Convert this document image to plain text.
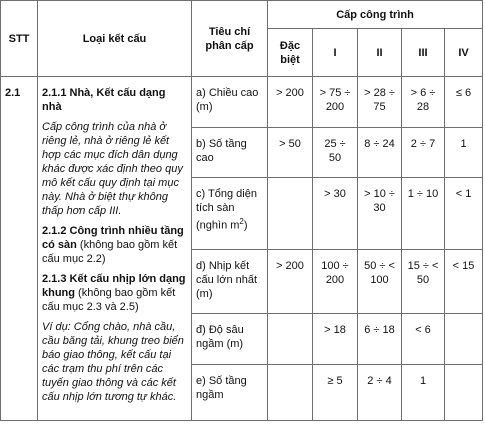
STT	Loại kết cấu	Tiêu chí phân cấp	Cấp công trình				
			Đặc biệt	I	II	III	IV
2.1	2.1.1 Nhà, Kết cấu dạng nhà
Cấp công trình của nhà ở riêng lẻ, nhà ở riêng lẻ kết hợp các mục đích dân dụng khác được xác định theo quy mô kết cấu quy định tại mục này. Nhà ở biệt thự không thấp hơn cấp III.
2.1.2 Công trình nhiều tầng có sàn (không bao gồm kết cấu mục 2.2)
2.1.3 Kết cấu nhịp lớn dạng khung (không bao gồm kết cấu mục 2.3 và 2.5)
Ví dụ: Cổng chào, nhà cầu, cầu băng tải, khung treo biển báo giao thông, kết cấu tại các trạm thu phí trên các tuyến giao thông và các kết cấu nhịp lớn tương tự khác.	a) Chiều cao (m)	> 200	> 75 ÷ 200	> 28 ÷ 75	> 6 ÷ 28	≤ 6
		b) Số tầng cao	> 50	25 ÷ 50	8 ÷ 24	2 ÷ 7	1
		c) Tổng diện tích sàn (nghìn $m^2$)		> 30	> 10 ÷ 30	1 ÷ 10	< 1
		d) Nhịp kết cấu lớn nhất (m)	> 200	100 ÷ 200	50 ÷ < 100	15 ÷ < 50	< 15
		đ) Độ sâu ngầm (m)		> 18	6 ÷ 18	< 6	
		e) Số tầng ngầm		≥ 5	2 ÷ 4	1	
